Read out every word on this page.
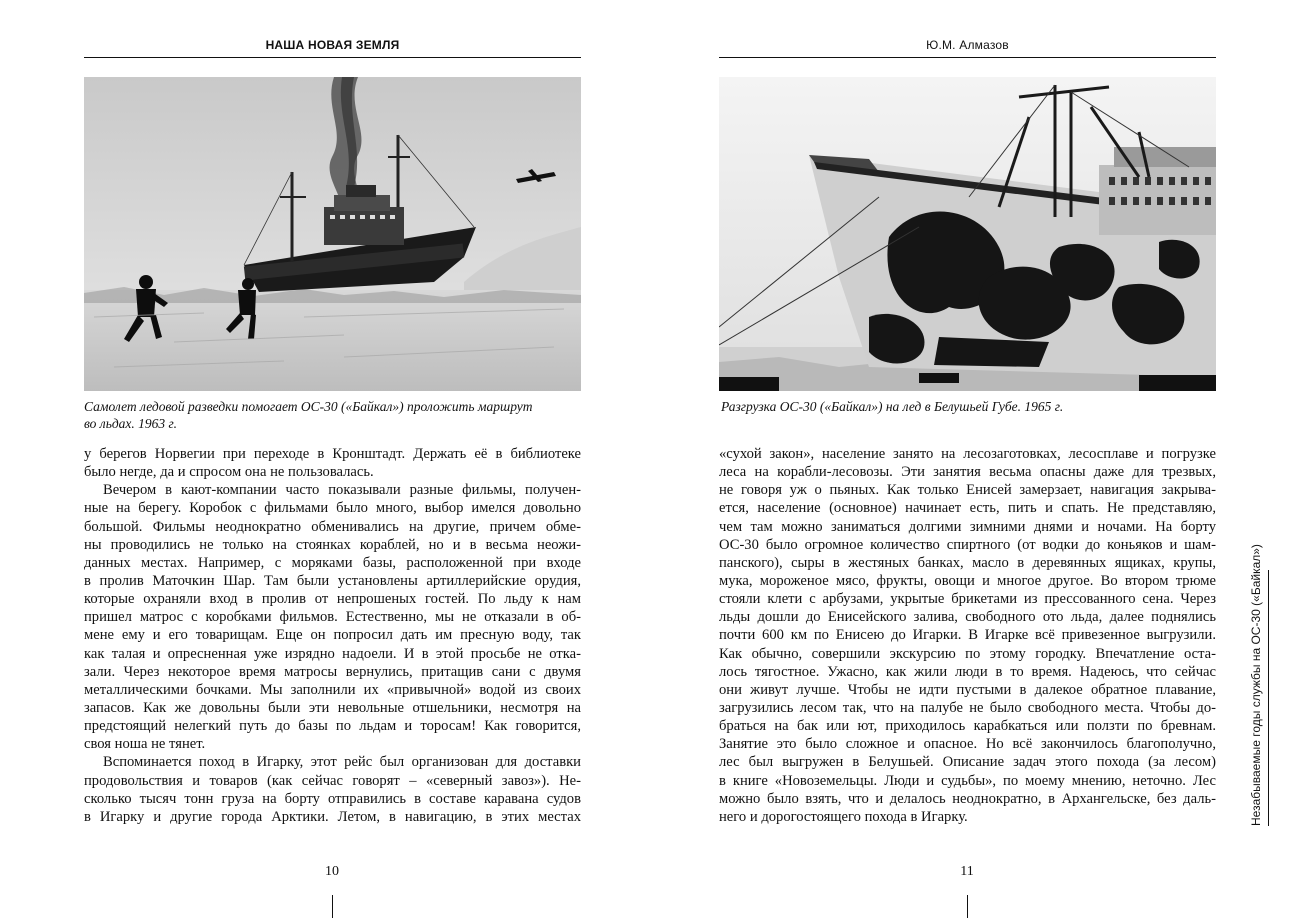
НАША НОВАЯ ЗЕМЛЯ
Самолет ледовой разведки помогает ОС-30 («Байкал») проложить маршрут
во льдах. 1963 г.
у берегов Норвегии при переходе в Кронштадт. Держать её в библиотеке
было негде, да и спросом она не пользовалась.
Вечером в кают-компании часто показывали разные фильмы, получен-
ные на берегу. Коробок с фильмами было много, выбор имелся довольно
большой. Фильмы неоднократно обменивались на другие, причем обме-
ны проводились не только на стоянках кораблей, но и в весьма неожи-
данных местах. Например, с моряками базы, расположенной при входе
в пролив Маточкин Шар. Там были установлены артиллерийские орудия,
которые охраняли вход в пролив от непрошеных гостей. По льду к нам
пришел матрос с коробками фильмов. Естественно, мы не отказали в об-
мене ему и его товарищам. Еще он попросил дать им пресную воду, так
как талая и опресненная уже изрядно надоели. И в этой просьбе не отка-
зали. Через некоторое время матросы вернулись, притащив сани с двумя
металлическими бочками. Мы заполнили их «привычной» водой из своих
запасов. Как же довольны были эти невольные отшельники, несмотря на
предстоящий нелегкий путь до базы по льдам и торосам! Как говорится,
своя ноша не тянет.
Вспоминается поход в Игарку, этот рейс был организован для доставки
продовольствия и товаров (как сейчас говорят – «северный завоз»). Не-
сколько тысяч тонн груза на борту отправились в составе каравана судов
в Игарку и другие города Арктики. Летом, в навигацию, в этих местах
10
Ю.М. Алмазов
Разгрузка ОС-30 («Байкал») на лед в Белушьей Губе. 1965 г.
«сухой закон», население занято на лесозаготовках, лесосплаве и погрузке
леса на корабли-лесовозы. Эти занятия весьма опасны даже для трезвых,
не говоря уж о пьяных. Как только Енисей замерзает, навигация закрыва-
ется, население (основное) начинает есть, пить и спать. Не представляю,
чем там можно заниматься долгими зимними днями и ночами. На борту
ОС-30 было огромное количество спиртного (от водки до коньяков и шам-
панского), сыры в жестяных банках, масло в деревянных ящиках, крупы,
мука, мороженое мясо, фрукты, овощи и многое другое. Во втором трюме
стояли клети с арбузами, укрытые брикетами из прессованного сена. Через
льды дошли до Енисейского залива, свободного ото льда, далее поднялись
почти 600 км по Енисею до Игарки. В Игарке всё привезенное выгрузили.
Как обычно, совершили экскурсию по этому городку. Впечатление оста-
лось тягостное. Ужасно, как жили люди в то время. Надеюсь, что сейчас
они живут лучше. Чтобы не идти пустыми в далекое обратное плавание,
загрузились лесом так, что на палубе не было свободного места. Чтобы до-
браться на бак или ют, приходилось карабкаться или ползти по бревнам.
Занятие это было сложное и опасное. Но всё закончилось благополучно,
лес был выгружен в Белушьей. Описание задач этого похода (за лесом)
в книге «Новоземельцы. Люди и судьбы», по моему мнению, неточно. Лес
можно было взять, что и делалось неоднократно, в Архангельске, без даль-
него и дорогостоящего похода в Игарку.
11
Незабываемые годы службы на ОС-30 («Байкал»)
